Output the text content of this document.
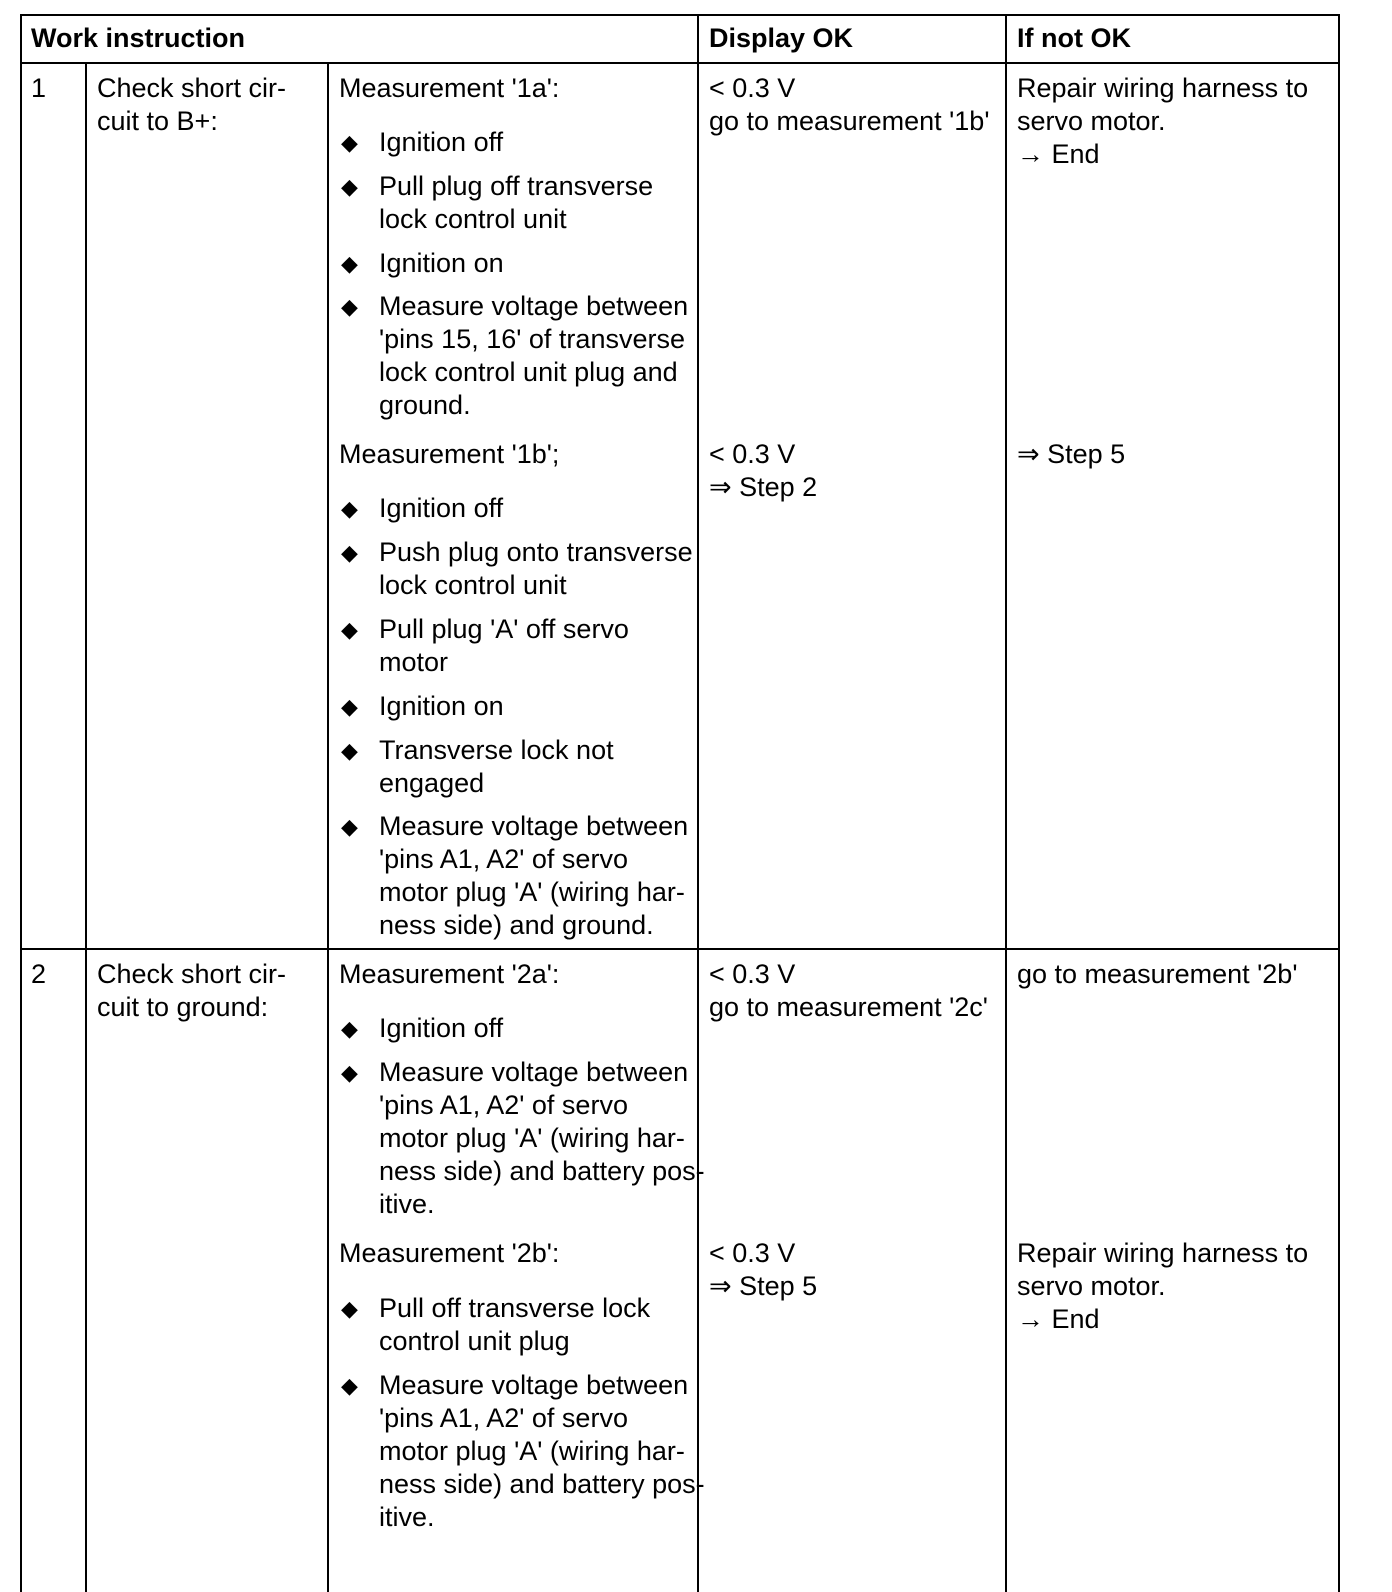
Work instruction	Display OK	If not OK
1 Check short cir-
cuit to B+:
Measurement '1a':
◆ Ignition off
◆ Pull plug off transverse
lock control unit
◆ Ignition on
◆ Measure voltage between
'pins 15, 16' of transverse
lock control unit plug and
ground.
< 0.3 V
go to measurement '1b'
Repair wiring harness to
servo motor.
→ End
Measurement '1b';
◆ Ignition off
◆ Push plug onto transverse
lock control unit
◆ Pull plug 'A' off servo
motor
◆ Ignition on
◆ Transverse lock not
engaged
◆ Measure voltage between
'pins A1, A2' of servo
motor plug 'A' (wiring har-
ness side) and ground.
< 0.3 V
⇒ Step 2
⇒ Step 5
2 Check short cir-
cuit to ground:
Measurement '2a':
◆ Ignition off
◆ Measure voltage between
'pins A1, A2' of servo
motor plug 'A' (wiring har-
ness side) and battery pos-
itive.
< 0.3 V
go to measurement '2c'
go to measurement '2b'
Measurement '2b':
◆ Pull off transverse lock
control unit plug
◆ Measure voltage between
'pins A1, A2' of servo
motor plug 'A' (wiring har-
ness side) and battery pos-
itive.
< 0.3 V
⇒ Step 5
Repair wiring harness to
servo motor.
→ End
